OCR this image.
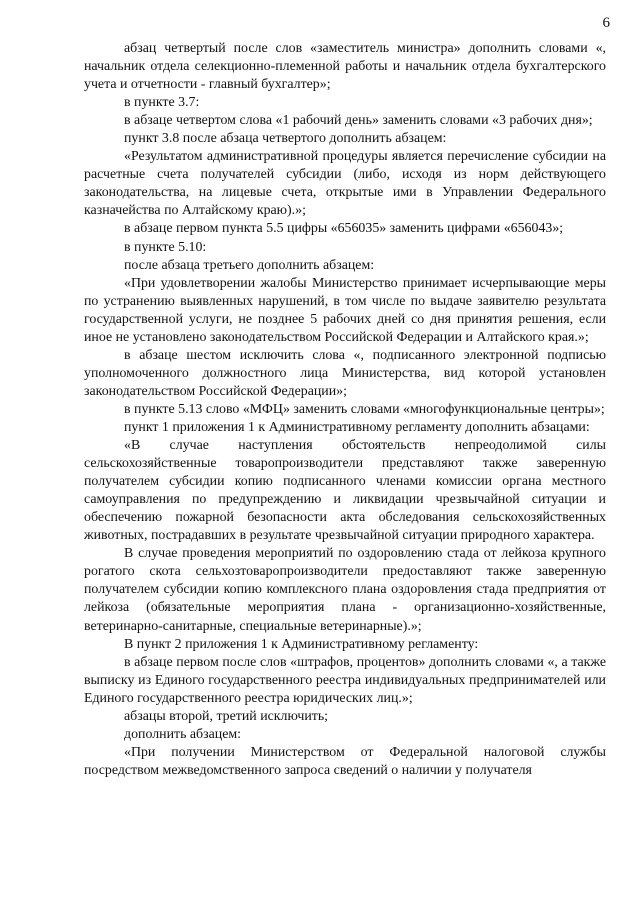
6

абзац четвертый после слов «заместитель министра» дополнить словами «, начальник отдела селекционно-племенной работы и начальник отдела бухгалтерского учета и отчетности - главный бухгалтер»;

в пункте 3.7:

в абзаце четвертом слова «1 рабочий день» заменить словами «3 рабочих дня»;

пункт 3.8 после абзаца четвертого дополнить абзацем:

«Результатом административной процедуры является перечисление субсидии на расчетные счета получателей субсидии (либо, исходя из норм действующего законодательства, на лицевые счета, открытые ими в Управлении Федерального казначейства по Алтайскому краю).»;

в абзаце первом пункта 5.5 цифры «656035» заменить цифрами «656043»;

в пункте 5.10:

после абзаца третьего дополнить абзацем:

«При удовлетворении жалобы Министерство принимает исчерпывающие меры по устранению выявленных нарушений, в том числе по выдаче заявителю результата государственной услуги, не позднее 5 рабочих дней со дня принятия решения, если иное не установлено законодательством Российской Федерации и Алтайского края.»;

в абзаце шестом исключить слова «, подписанного электронной подписью уполномоченного должностного лица Министерства, вид которой установлен законодательством Российской Федерации»;

в пункте 5.13 слово «МФЦ» заменить словами «многофункциональные центры»;

пункт 1 приложения 1 к Административному регламенту дополнить абзацами:

«В случае наступления обстоятельств непреодолимой силы сельскохозяйственные товаропроизводители представляют также заверенную получателем субсидии копию подписанного членами комиссии органа местного самоуправления по предупреждению и ликвидации чрезвычайной ситуации и обеспечению пожарной безопасности акта обследования сельскохозяйственных животных, пострадавших в результате чрезвычайной ситуации природного характера.

В случае проведения мероприятий по оздоровлению стада от лейкоза крупного рогатого скота сельхозтоваропроизводители предоставляют также заверенную получателем субсидии копию комплексного плана оздоровления стада предприятия от лейкоза (обязательные мероприятия плана - организационно-хозяйственные, ветеринарно-санитарные, специальные ветеринарные).»;

В пункт 2 приложения 1 к Административному регламенту:

в абзаце первом после слов «штрафов, процентов» дополнить словами «, а также выписку из Единого государственного реестра индивидуальных предпринимателей или Единого государственного реестра юридических лиц.»;

абзацы второй, третий исключить;

дополнить абзацем:

«При получении Министерством от Федеральной налоговой службы посредством межведомственного запроса сведений о наличии у получателя
